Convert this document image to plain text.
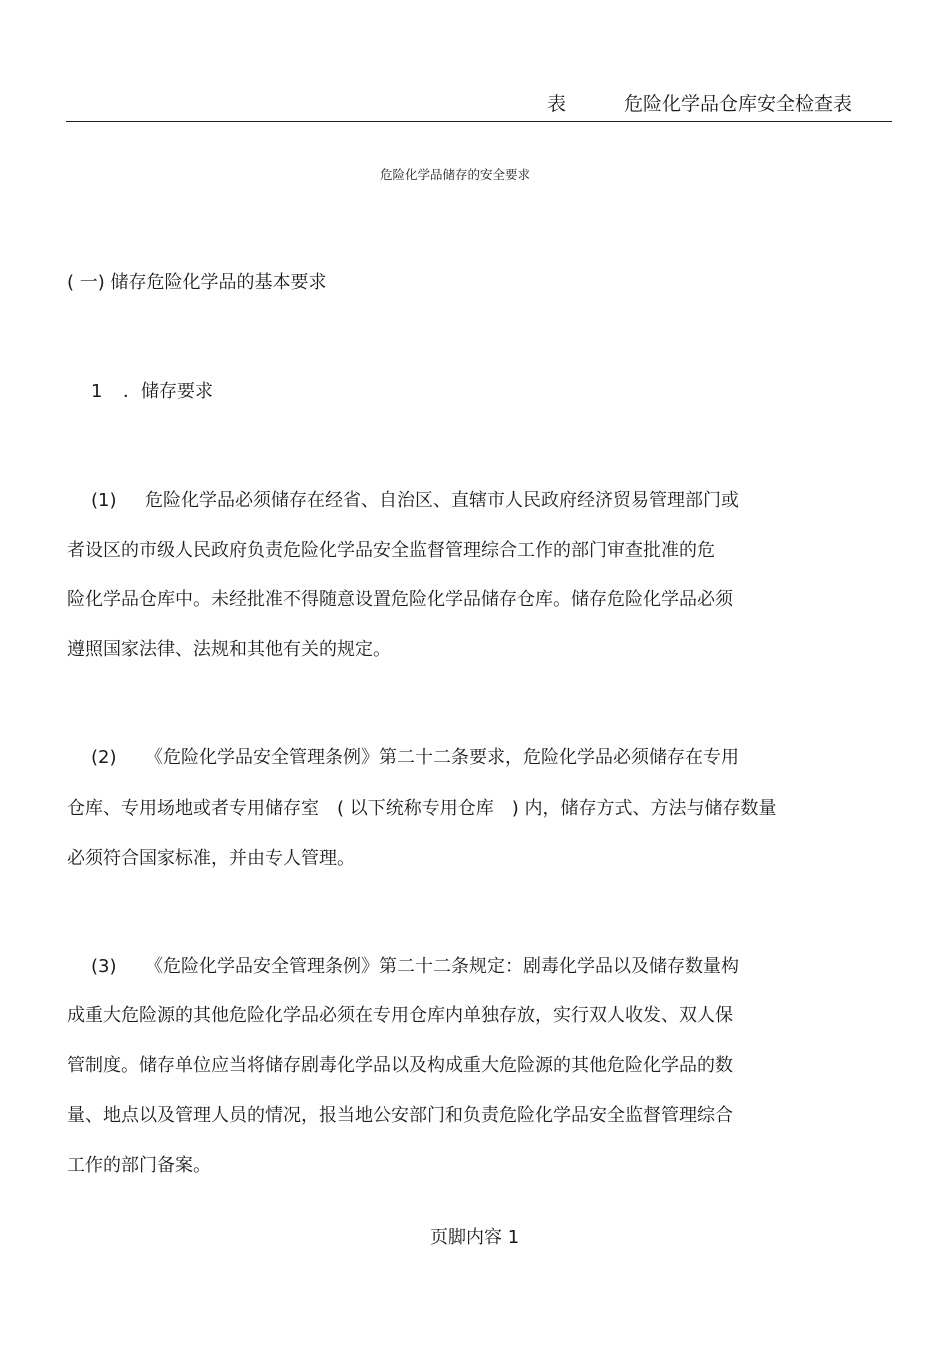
表	危险化学品仓库安全检查表
危险化学品储存的安全要求
( 一) 储存危险化学品的基本要求
1 ．储存要求
(1) 危险化学品必须储存在经省、自治区、直辖市人民政府经济贸易管理部门或
者设区的市级人民政府负责危险化学品安全监督管理综合工作的部门审查批准的危
险化学品仓库中。未经批准不得随意设置危险化学品储存仓库。储存危险化学品必须
遵照国家法律、法规和其他有关的规定。
(2) 《危险化学品安全管理条例》第二十二条要求，危险化学品必须储存在专用
仓库、专用场地或者专用储存室　( 以下统称专用仓库　) 内，储存方式、方法与储存数量
必须符合国家标准，并由专人管理。
(3) 《危险化学品安全管理条例》第二十二条规定：剧毒化学品以及储存数量构
成重大危险源的其他危险化学品必须在专用仓库内单独存放，实行双人收发、双人保
管制度。储存单位应当将储存剧毒化学品以及构成重大危险源的其他危险化学品的数
量、地点以及管理人员的情况，报当地公安部门和负责危险化学品安全监督管理综合
工作的部门备案。
页脚内容 1
